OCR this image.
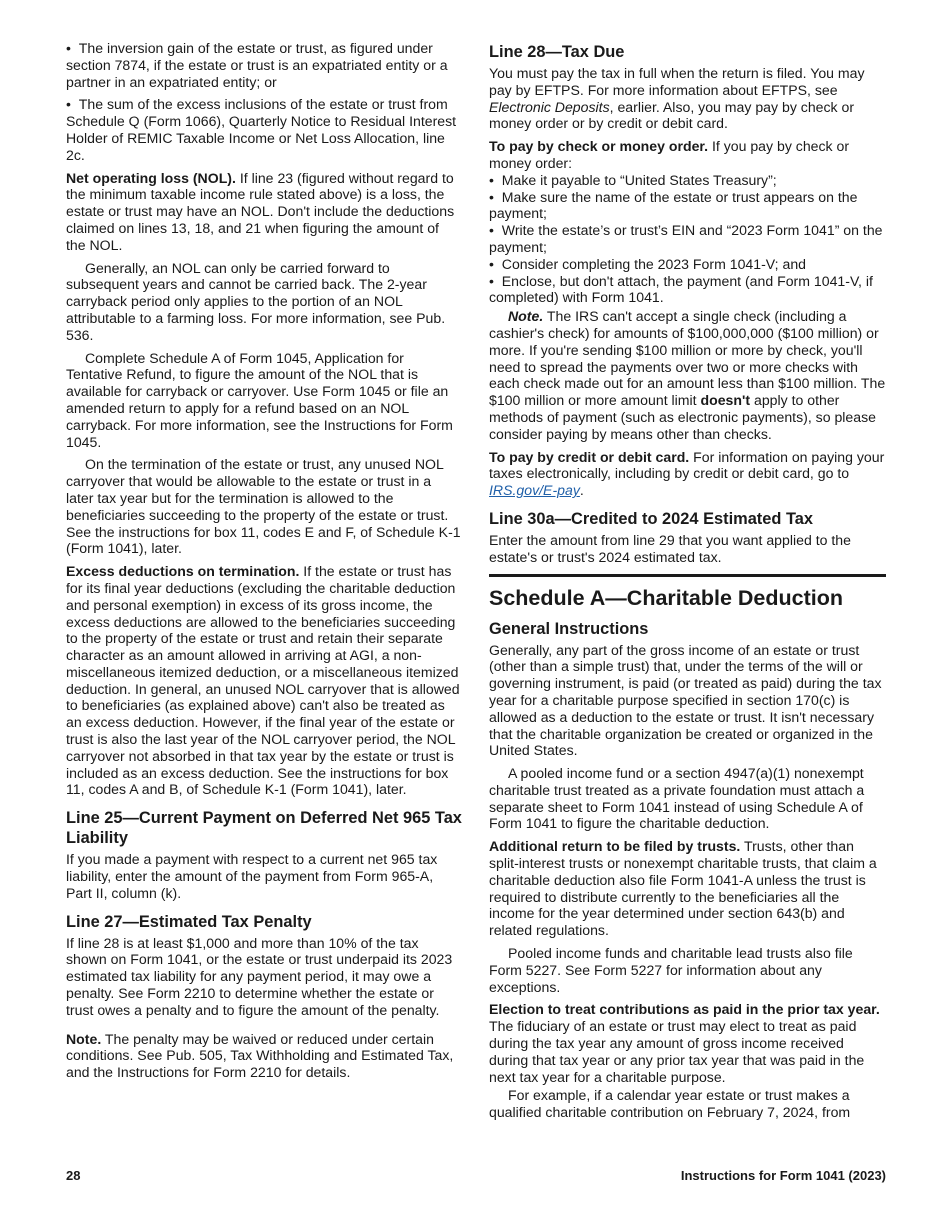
•  The inversion gain of the estate or trust, as figured under section 7874, if the estate or trust is an expatriated entity or a partner in an expatriated entity; or

•  The sum of the excess inclusions of the estate or trust from Schedule Q (Form 1066), Quarterly Notice to Residual Interest Holder of REMIC Taxable Income or Net Loss Allocation, line 2c.

Net operating loss (NOL). If line 23 (figured without regard to the minimum taxable income rule stated above) is a loss, the estate or trust may have an NOL. Don't include the deductions claimed on lines 13, 18, and 21 when figuring the amount of the NOL.

Generally, an NOL can only be carried forward to subsequent years and cannot be carried back. The 2-year carryback period only applies to the portion of an NOL attributable to a farming loss. For more information, see Pub. 536.

Complete Schedule A of Form 1045, Application for Tentative Refund, to figure the amount of the NOL that is available for carryback or carryover. Use Form 1045 or file an amended return to apply for a refund based on an NOL carryback. For more information, see the Instructions for Form 1045.

On the termination of the estate or trust, any unused NOL carryover that would be allowable to the estate or trust in a later tax year but for the termination is allowed to the beneficiaries succeeding to the property of the estate or trust. See the instructions for box 11, codes E and F, of Schedule K-1 (Form 1041), later.

Excess deductions on termination. If the estate or trust has for its final year deductions (excluding the charitable deduction and personal exemption) in excess of its gross income, the excess deductions are allowed to the beneficiaries succeeding to the property of the estate or trust and retain their separate character as an amount allowed in arriving at AGI, a non-miscellaneous itemized deduction, or a miscellaneous itemized deduction. In general, an unused NOL carryover that is allowed to beneficiaries (as explained above) can't also be treated as an excess deduction. However, if the final year of the estate or trust is also the last year of the NOL carryover period, the NOL carryover not absorbed in that tax year by the estate or trust is included as an excess deduction. See the instructions for box 11, codes A and B, of Schedule K-1 (Form 1041), later.

Line 25—Current Payment on Deferred Net 965 Tax Liability

If you made a payment with respect to a current net 965 tax liability, enter the amount of the payment from Form 965-A, Part II, column (k).

Line 27—Estimated Tax Penalty

If line 28 is at least $1,000 and more than 10% of the tax shown on Form 1041, or the estate or trust underpaid its 2023 estimated tax liability for any payment period, it may owe a penalty. See Form 2210 to determine whether the estate or trust owes a penalty and to figure the amount of the penalty.

Note. The penalty may be waived or reduced under certain conditions. See Pub. 505, Tax Withholding and Estimated Tax, and the Instructions for Form 2210 for details.

Line 28—Tax Due

You must pay the tax in full when the return is filed. You may pay by EFTPS. For more information about EFTPS, see Electronic Deposits, earlier. Also, you may pay by check or money order or by credit or debit card.

To pay by check or money order. If you pay by check or money order:

•  Make it payable to “United States Treasury”;

•  Make sure the name of the estate or trust appears on the payment;

•  Write the estate’s or trust’s EIN and “2023 Form 1041” on the payment;

•  Consider completing the 2023 Form 1041-V; and

•  Enclose, but don't attach, the payment (and Form 1041-V, if completed) with Form 1041.

Note. The IRS can't accept a single check (including a cashier's check) for amounts of $100,000,000 ($100 million) or more. If you're sending $100 million or more by check, you'll need to spread the payments over two or more checks with each check made out for an amount less than $100 million. The $100 million or more amount limit doesn't apply to other methods of payment (such as electronic payments), so please consider paying by means other than checks.

To pay by credit or debit card. For information on paying your taxes electronically, including by credit or debit card, go to IRS.gov/E-pay.

Line 30a—Credited to 2024 Estimated Tax

Enter the amount from line 29 that you want applied to the estate's or trust's 2024 estimated tax.

Schedule A—Charitable Deduction
General Instructions

Generally, any part of the gross income of an estate or trust (other than a simple trust) that, under the terms of the will or governing instrument, is paid (or treated as paid) during the tax year for a charitable purpose specified in section 170(c) is allowed as a deduction to the estate or trust. It isn't necessary that the charitable organization be created or organized in the United States.

A pooled income fund or a section 4947(a)(1) nonexempt charitable trust treated as a private foundation must attach a separate sheet to Form 1041 instead of using Schedule A of Form 1041 to figure the charitable deduction.

Additional return to be filed by trusts. Trusts, other than split-interest trusts or nonexempt charitable trusts, that claim a charitable deduction also file Form 1041-A unless the trust is required to distribute currently to the beneficiaries all the income for the year determined under section 643(b) and related regulations.

Pooled income funds and charitable lead trusts also file Form 5227. See Form 5227 for information about any exceptions.

Election to treat contributions as paid in the prior tax year. The fiduciary of an estate or trust may elect to treat as paid during the tax year any amount of gross income received during that tax year or any prior tax year that was paid in the next tax year for a charitable purpose.

For example, if a calendar year estate or trust makes a qualified charitable contribution on February 7, 2024, from

28	Instructions for Form 1041 (2023)
